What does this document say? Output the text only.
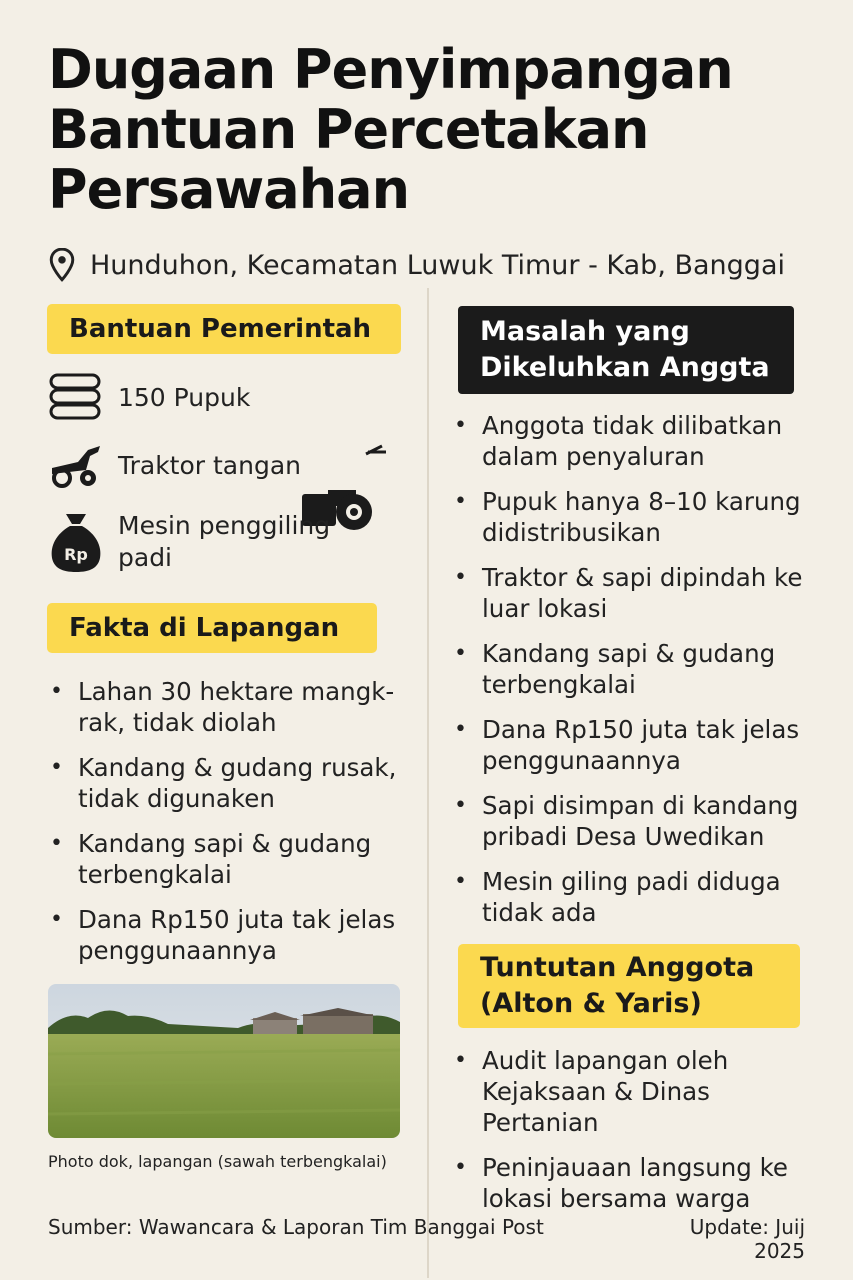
Dugaan Penyimpangan Bantuan Percetakan Persawahan
Hunduhon, Kecamatan Luwuk Timur - Kab, Banggai
Bantuan Pemerintah
150 Pupuk
Traktor tangan
Rp
Mesin penggiling padi
Fakta di Lapangan
• Lahan 30 hektare mangk-rak, tidak diolah
• Kandang & gudang rusak, tidak digunaken
• Kandang sapi & gudang terbengkalai
• Dana Rp150 juta tak jelas penggunaannya
Photo dok, lapangan (sawah terbengkalai)
Masalah yang Dikeluhkan Anggta
• Anggota tidak dilibatkan dalam penyaluran
• Pupuk hanya 8–10 karung didistribusikan
• Traktor & sapi dipindah ke luar lokasi
• Kandang sapi & gudang terbengkalai
• Dana Rp150 juta tak jelas penggunaannya
• Sapi disimpan di kandang pribadi Desa Uwedikan
• Mesin giling padi diduga tidak ada
Tuntutan Anggota (Alton & Yaris)
• Audit lapangan oleh Kejaksaan & Dinas Pertanian
• Peninjauaan langsung ke lokasi bersama warga
Sumber: Wawancara & Laporan Tim Banggai Post	Update: Juij 2025
